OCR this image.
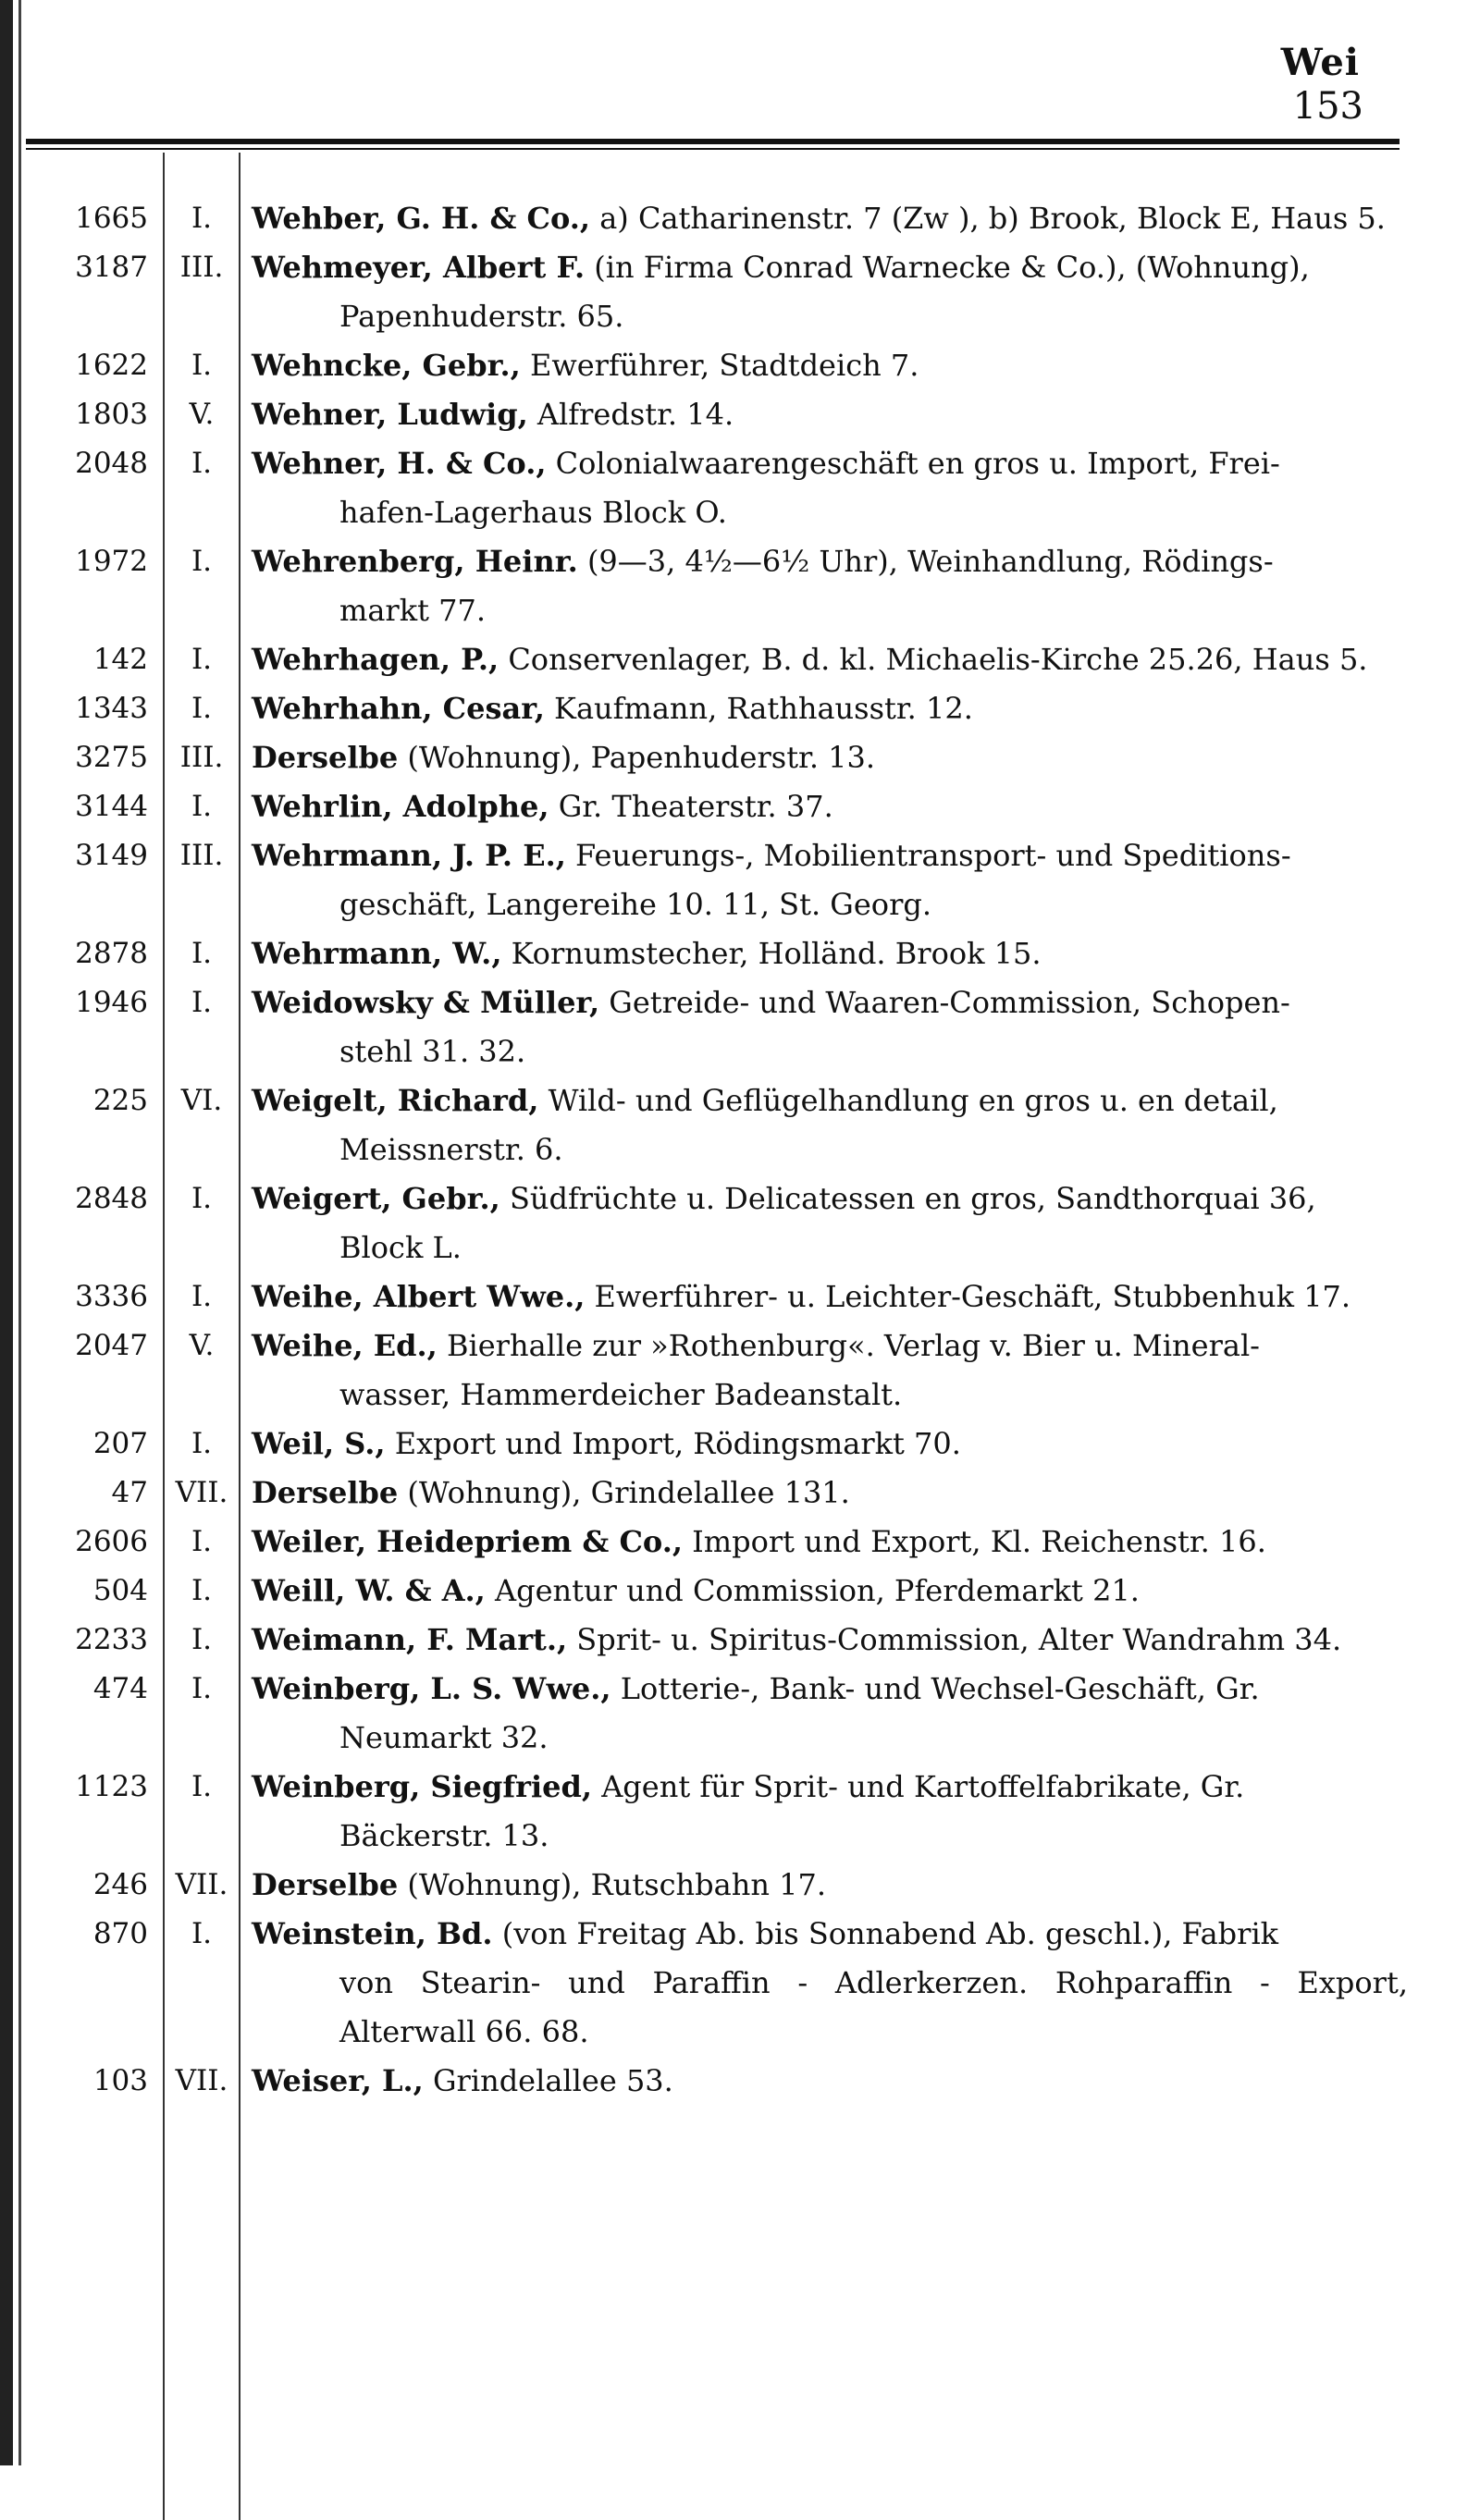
Wei
153
1665	I.	Wehber, G. H. & Co., a) Catharinenstr. 7 (Zw ), b) Brook, Block E, Haus 5.
3187	III. Wehmeyer, Albert F. (in Firma Conrad Warnecke & Co.), (Wohnung),
Papenhuderstr. 65.
1622	I.	Wehncke, Gebr., Ewerführer, Stadtdeich 7.
1803	V.	Wehner, Ludwig, Alfredstr. 14.
2048	I.	Wehner, H. & Co., Colonialwaarengeschäft en gros u. Import, Frei-
hafen-Lagerhaus Block O.
1972	I.	Wehrenberg, Heinr. (9—3, 4½—6½ Uhr), Weinhandlung, Rödings-
markt 77.
142	I.	Wehrhagen, P., Conservenlager, B. d. kl. Michaelis-Kirche 25.26, Haus 5.
1343	I.	Wehrhahn, Cesar, Kaufmann, Rathhausstr. 12.
3275	III. Derselbe (Wohnung), Papenhuderstr. 13.
3144	I.	Wehrlin, Adolphe, Gr. Theaterstr. 37.
3149	III. Wehrmann, J. P. E., Feuerungs-, Mobilientransport- und Speditions-
geschäft, Langereihe 10. 11, St. Georg.
2878	I.	Wehrmann, W., Kornumstecher, Holländ. Brook 15.
1946	I.	Weidowsky & Müller, Getreide- und Waaren-Commission, Schopen-
stehl 31. 32.
225	VI. Weigelt, Richard, Wild- und Geflügelhandlung en gros u. en detail,
Meissnerstr. 6.
2848	I.	Weigert, Gebr., Südfrüchte u. Delicatessen en gros, Sandthorquai 36,
Block L.
3336	I.	Weihe, Albert Wwe., Ewerführer- u. Leichter-Geschäft, Stubbenhuk 17.
2047	V.	Weihe, Ed., Bierhalle zur »Rothenburg«. Verlag v. Bier u. Mineral-
wasser, Hammerdeicher Badeanstalt.
207	I.	Weil, S., Export und Import, Rödingsmarkt 70.
47 VII. Derselbe (Wohnung), Grindelallee 131.
2606	I.	Weiler, Heidepriem & Co., Import und Export, Kl. Reichenstr. 16.
504	I.	Weill, W. & A., Agentur und Commission, Pferdemarkt 21.
2233	I.	Weimann, F. Mart., Sprit- u. Spiritus-Commission, Alter Wandrahm 34.
474	I.	Weinberg, L. S. Wwe., Lotterie-, Bank- und Wechsel-Geschäft, Gr.
Neumarkt 32.
1123	I.	Weinberg, Siegfried, Agent für Sprit- und Kartoffelfabrikate, Gr.
Bäckerstr. 13.
246 VII. Derselbe (Wohnung), Rutschbahn 17.
870	I.	Weinstein, Bd. (von Freitag Ab. bis Sonnabend Ab. geschl.), Fabrik
von Stearin- und Paraffin - Adlerkerzen. Rohparaffin - Export, Alterwall 66. 68.
103 VII. Weiser, L., Grindelallee 53.
